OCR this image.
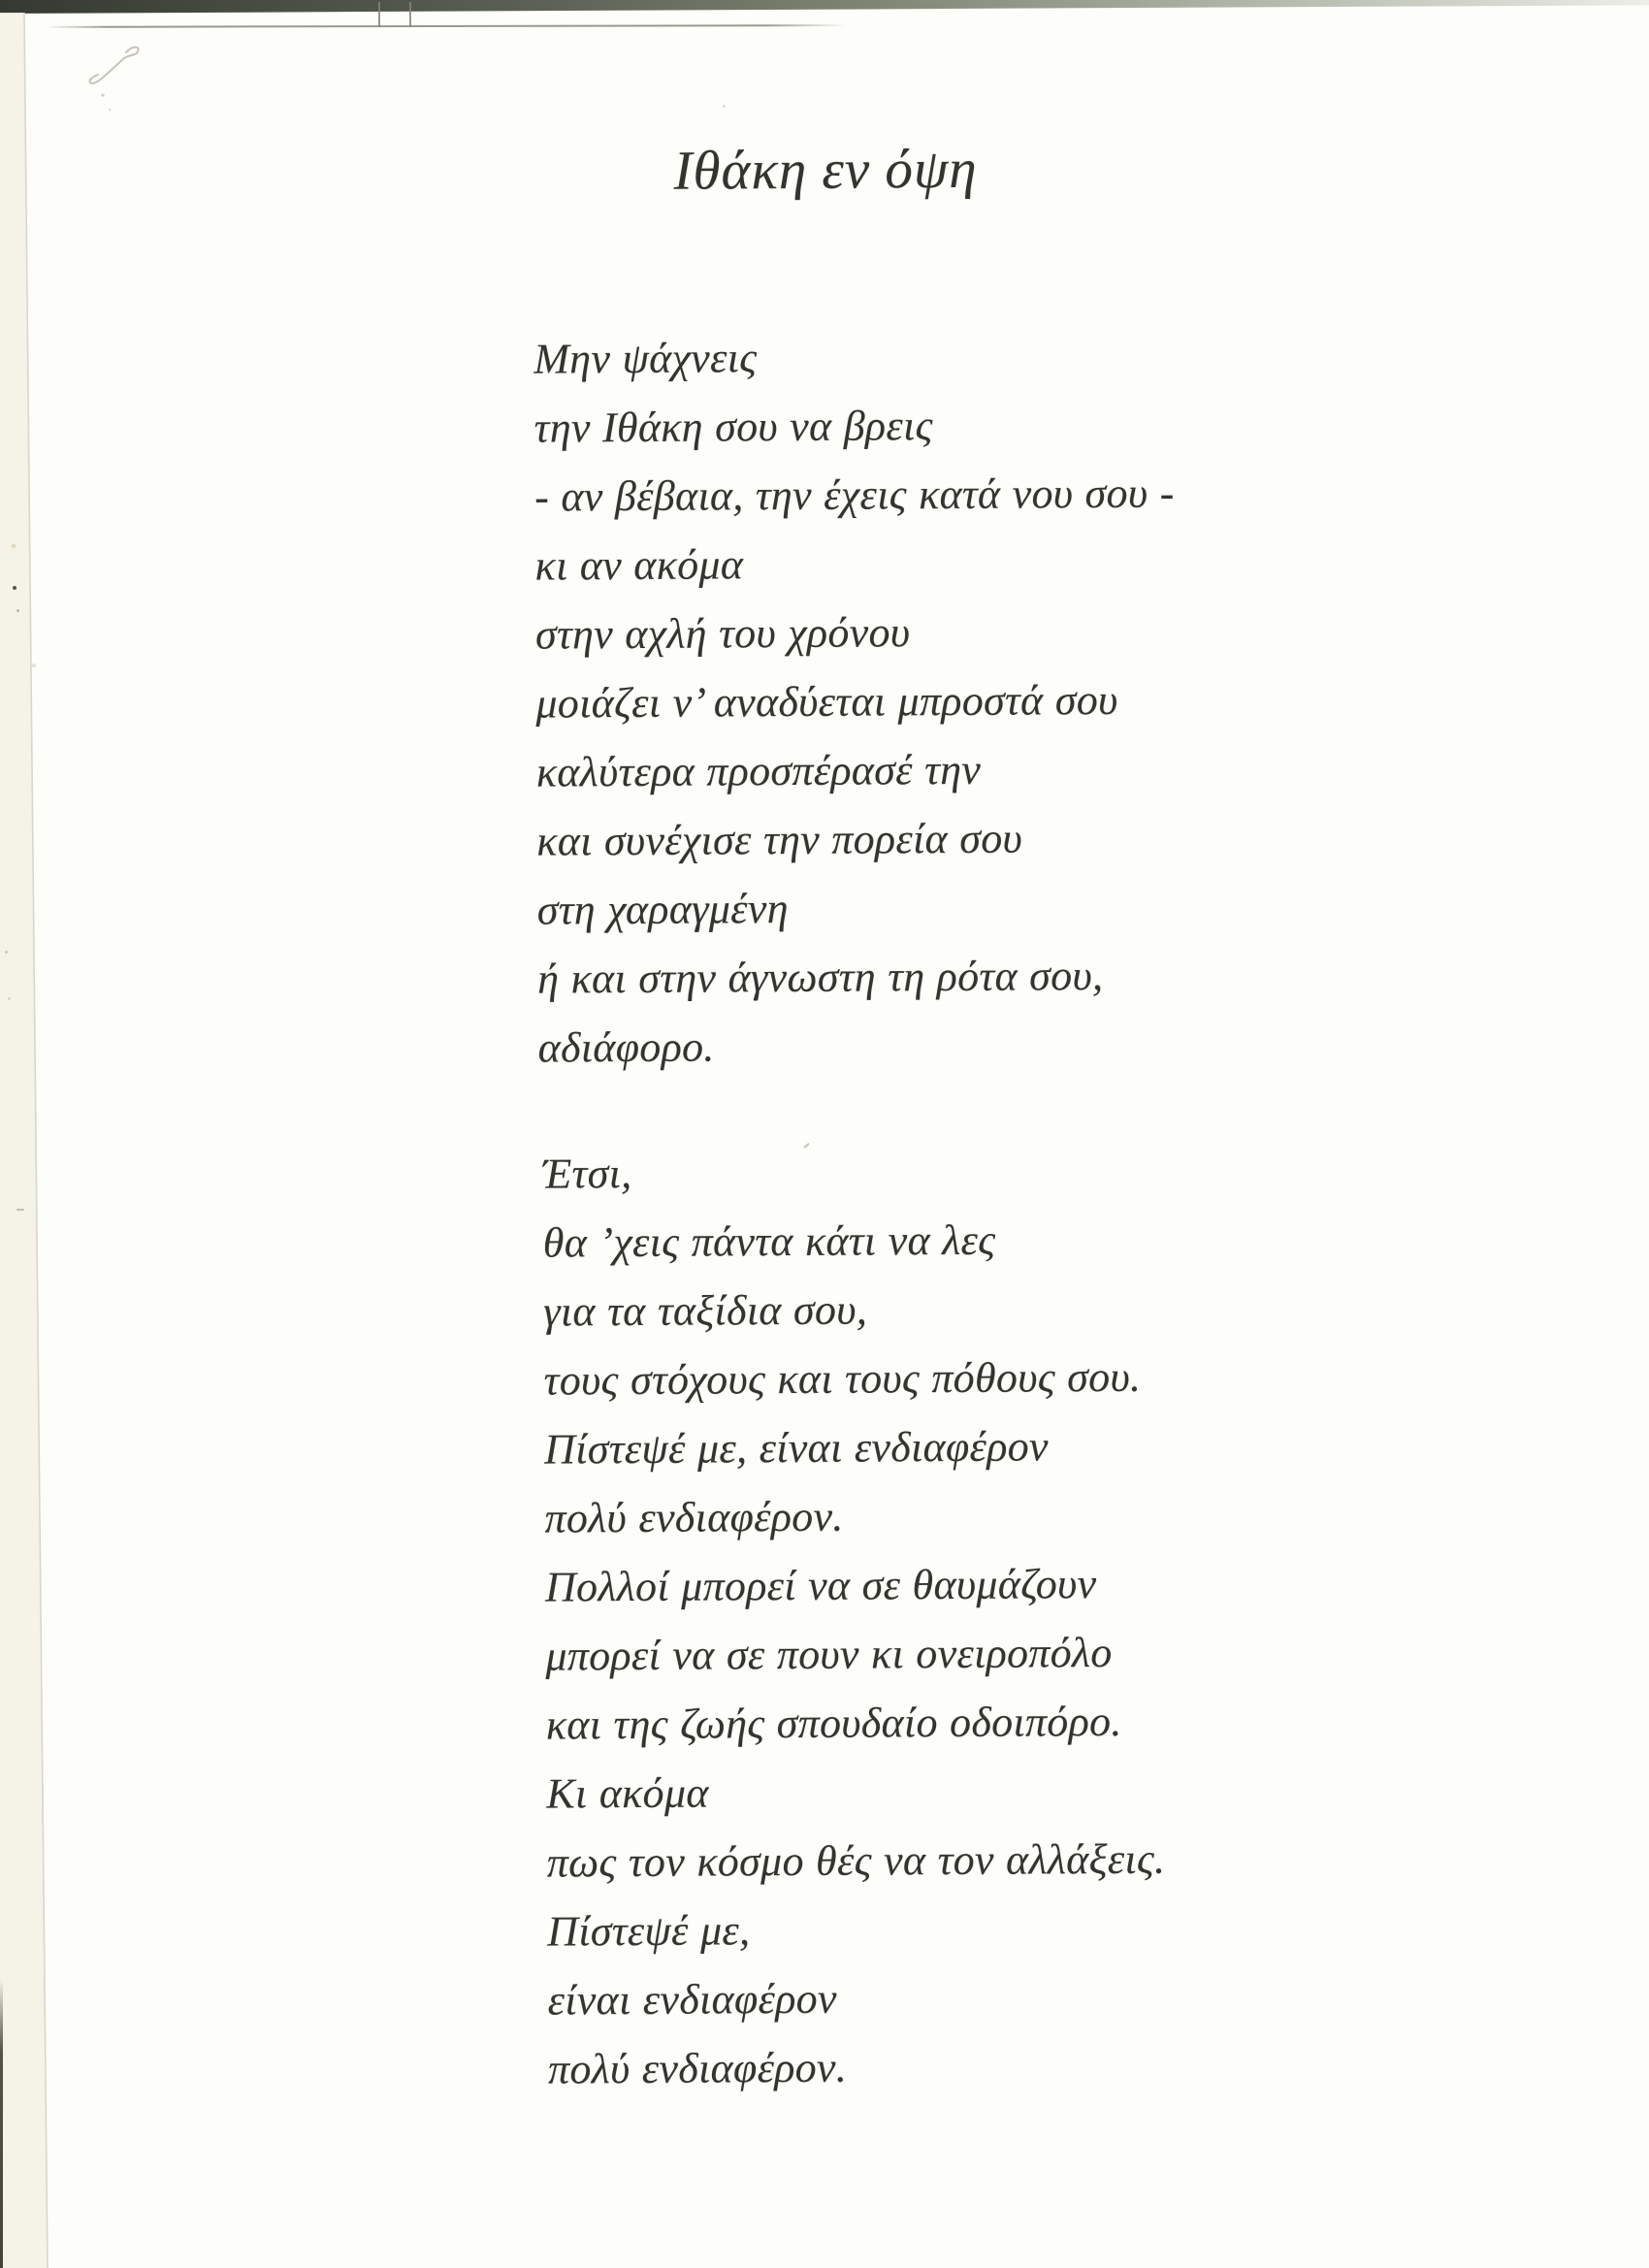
Ιθάκη εν όψη
Μην ψάχνεις
την Ιθάκη σου να βρεις
- αν βέβαια, την έχεις κατά νου σου -
κι αν ακόμα
στην αχλή του χρόνου
μοιάζει ν’ αναδύεται μπροστά σου
καλύτερα προσπέρασέ την
και συνέχισε την πορεία σου
στη χαραγμένη
ή και στην άγνωστη τη ρότα σου,
αδιάφορο.
Έτσι,
θα ’χεις πάντα κάτι να λες
για τα ταξίδια σου,
τους στόχους και τους πόθους σου.
Πίστεψέ με, είναι ενδιαφέρον
πολύ ενδιαφέρον.
Πολλοί μπορεί να σε θαυμάζουν
μπορεί να σε πουν κι ονειροπόλο
και της ζωής σπουδαίο οδοιπόρο.
Κι ακόμα
πως τον κόσμο θές να τον αλλάξεις.
Πίστεψέ με,
είναι ενδιαφέρον
πολύ ενδιαφέρον.
